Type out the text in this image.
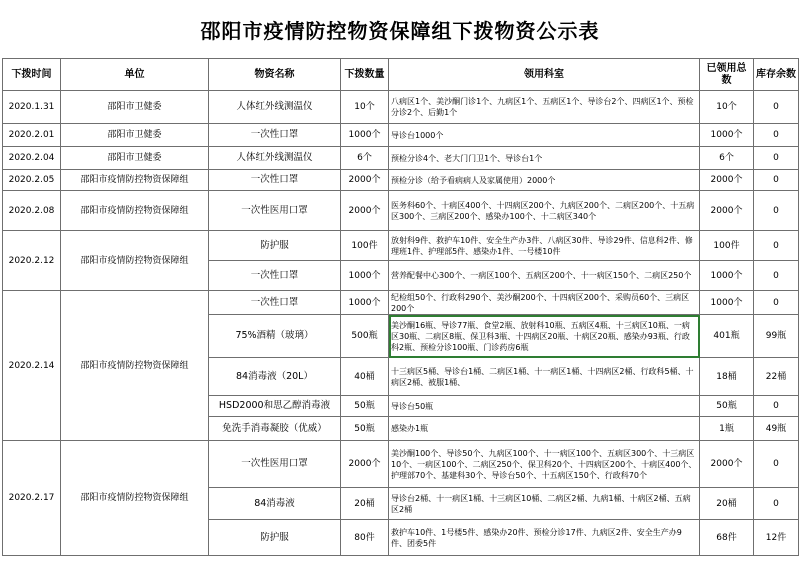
邵阳市疫情防控物资保障组下拨物资公示表
下拨时间	单位	物资名称	下拨数量	领用科室	已领用总数	库存余数
2020.1.31	邵阳市卫健委	人体红外线测温仪	10个	八病区1个、美沙酮门诊1个、九病区1个、五病区1个、导诊台2个、四病区1个、预检分诊2个、后勤1个	10个	0
2020.2.01	邵阳市卫健委	一次性口罩	1000个	导诊台1000个	1000个	0
2020.2.04	邵阳市卫健委	人体红外线测温仪	6个	预检分诊4个、老大门门卫1个、导诊台1个	6个	0
2020.2.05	邵阳市疫情防控物资保障组	一次性口罩	2000个	预检分诊（给予看病病人及家属使用）2000个	2000个	0
2020.2.08	邵阳市疫情防控物资保障组	一次性医用口罩	2000个	医务科60个、十病区400个、十四病区200个、九病区200个、二病区200个、十五病区300个、三病区200个、感染办100个、十二病区340个	2000个	0
2020.2.12	邵阳市疫情防控物资保障组	防护服	100件	放射科9件、救护车10件、安全生产办3件、八病区30件、导诊29件、信息科2件、修理班1件、护理部5件、感染办1件、一号楼10件	100件	0
		一次性口罩	1000个	营养配餐中心300个、一病区100个、五病区200个、十一病区150个、二病区250个	1000个	0
2020.2.14	邵阳市疫情防控物资保障组	一次性口罩	1000个	纪检组50个、行政科290个、美沙酮200个、十四病区200个、采购员60个、三病区200个	1000个	0
		75%酒精（玻璃）	500瓶	美沙酮16瓶、导诊77瓶、食堂2瓶、放射科10瓶、五病区4瓶、十三病区10瓶、一病区30瓶、二病区8瓶、保卫科3瓶、十四病区20瓶、十病区20瓶、感染办93瓶、行政科2瓶、预检分诊100瓶、门诊药房6瓶	401瓶	99瓶
		84消毒液（20L）	40桶	十三病区5桶、导诊台1桶、二病区1桶、十一病区1桶、十四病区2桶、行政科5桶、十病区2桶、被服1桶、	18桶	22桶
		HSD2000和思乙醇消毒液	50瓶	导诊台50瓶	50瓶	0
		免洗手消毒凝胶（优威）	50瓶	感染办1瓶	1瓶	49瓶
2020.2.17	邵阳市疫情防控物资保障组	一次性医用口罩	2000个	美沙酮100个、导诊50个、九病区100个、十一病区100个、五病区300个、十三病区10个、一病区100个、二病区250个、保卫科20个、十四病区200个、十病区400个、护理部70个、基建科30个、导诊台50个、十五病区150个、行政科70个	2000个	0
		84消毒液	20桶	导诊台2桶、十一病区1桶、十三病区10桶、二病区2桶、九病1桶、十病区2桶、五病区2桶	20桶	0
		防护服	80件	救护车10件、1号楼5件、感染办20件、预检分诊17件、九病区2件、安全生产办9件、团委5件	68件	12件
